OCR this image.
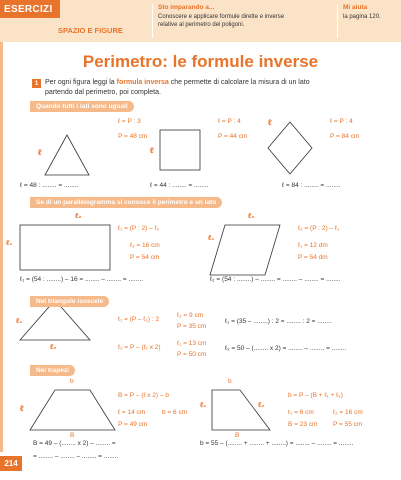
ESERCIZI
SPAZIO E FIGURE
Sto imparando a...
Conoscere e applicare formule dirette e inverse
relative al perimetro dei poligoni.
Mi aiuta
la pagina 120.
Perimetro: le formule inverse
1 Per ogni figura leggi la formula inversa che permette di calcolare la misura di un lato
partendo dal perimetro, poi completa.
Quando tutti i lati sono uguali
ℓ
ℓ = P : 3
P = 48 cm
ℓ
ℓ = P : 4
P = 44 cm
ℓ	ℓ = P : 4
P = 84 cm
ℓ = 48 : ........ = ........	ℓ = 44 : ........ = ........	ℓ = 84 : ........ = ........
Se di un parallelogramma si conosce il perimetro e un lato
ℓ₂
ℓ₁
ℓ₁ = (P : 2) – ℓ₂
ℓ₂ = 16 cm
P = 54 cm
ℓ₂
ℓ₁
ℓ₂ = (P : 2) – ℓ₁
ℓ₁ = 12 dm
P = 54 dm
ℓ₁ = (54 : ........) – 16 = ........ – ........ = ........	ℓ₂ = (54 : ........) – ........ = ........ – ........ = ........
Nel triangolo isoscele
ℓ₁
ℓ₂
ℓ₁ = (P – ℓ₂) : 2
ℓ₂ = 9 cm
P = 35 cm
ℓ₁ = (35 – ........) : 2 = ........ : 2 = ........
ℓ₂ = P – (ℓ₁ x 2)
ℓ₁ = 13 cm
P = 50 cm
ℓ₂ = 50 – (........ x 2) = ........ – ........ = ........
Nei trapezi
b
ℓ
B
B = P – (ℓ x 2) – b
ℓ = 14 cm	b = 6 cm
P = 49 cm
B = 49 – (........ x 2) – ........ =
= ........ – ........ – ........ = ........
b
ℓ₁	ℓ₂
B
b = P – (B + ℓ₁ + ℓ₂)
ℓ₁ = 6 cm	ℓ₂ = 16 cm
B = 23 cm P = 55 cm
b = 55 – (........ + ........ + ........) = ........ – ........ = ........
214
